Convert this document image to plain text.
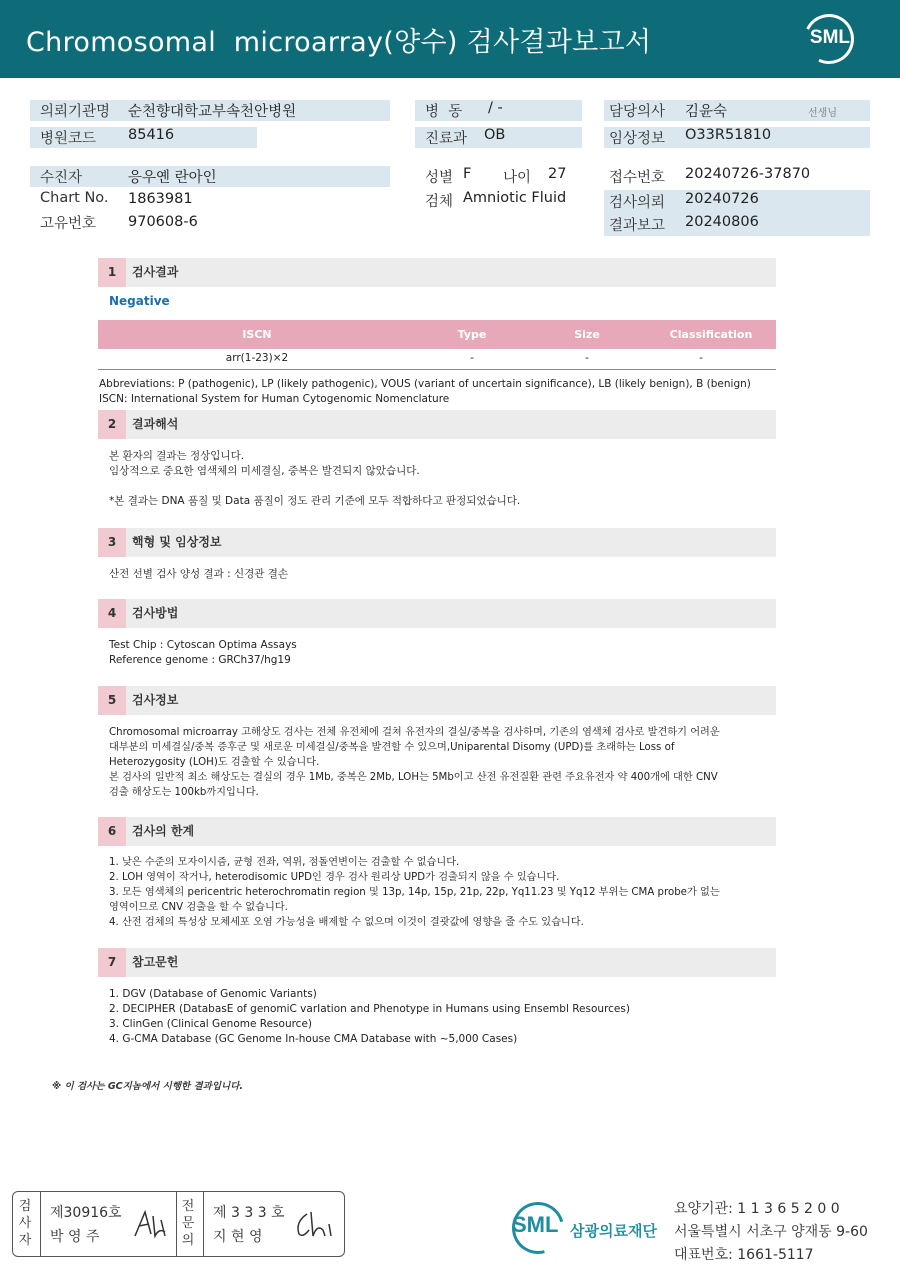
Chromosomal  microarray(양수) 검사결과보고서	SML
의뢰기관명 순천향대학교부속천안병원
병원코드 85416
병  동 / -
진료과 OB
담당의사 김윤숙	선생님
임상정보 O33R51810
수진자	응우옌 란아인
Chart No. 1863981
고유번호 970608-6
성별 F 나이 27
검체 Amniotic Fluid
접수번호 20240726-37870
검사의뢰 20240726
결과보고 20240806
1	검사결과
Negative
ISCN	Type	Size	Classification
arr(1-23)×2	-	-	-
Abbreviations: P (pathogenic), LP (likely pathogenic), VOUS (variant of uncertain significance), LB (likely benign), B (benign)
ISCN: International System for Human Cytogenomic Nomenclature
2	결과해석
본 환자의 결과는 정상입니다.
임상적으로 중요한 염색체의 미세결실, 중복은 발견되지 않았습니다.
*본 결과는 DNA 품질 및 Data 품질이 정도 관리 기준에 모두 적합하다고 판정되었습니다.
3	핵형 및 임상정보
산전 선별 검사 양성 결과 : 신경관 결손
4	검사방법
Test Chip : Cytoscan Optima Assays
Reference genome : GRCh37/hg19
5	검사정보
Chromosomal microarray 고해상도 검사는 전체 유전체에 걸쳐 유전자의 결실/중복을 검사하며, 기존의 염색체 검사로 발견하기 어려운
대부분의 미세결실/중복 증후군 및 새로운 미세결실/중복을 발견할 수 있으며,Uniparental Disomy (UPD)를 초래하는 Loss of
Heterozygosity (LOH)도 검출할 수 있습니다.
본 검사의 일반적 최소 해상도는 결실의 경우 1Mb, 중복은 2Mb, LOH는 5Mb이고 산전 유전질환 관련 주요유전자 약 400개에 대한 CNV
검출 해상도는 100kb까지입니다.
6	검사의 한계
1. 낮은 수준의 모자이시즘, 균형 전좌, 역위, 점돌연변이는 검출할 수 없습니다.
2. LOH 영역이 작거나, heterodisomic UPD인 경우 검사 원리상 UPD가 검출되지 않을 수 있습니다.
3. 모든 염색체의 pericentric heterochromatin region 및 13p, 14p, 15p, 21p, 22p, Yq11.23 및 Yq12 부위는 CMA probe가 없는
영역이므로 CNV 검출을 할 수 없습니다.
4. 산전 검체의 특성상 모체세포 오염 가능성을 배제할 수 없으며 이것이 결괏값에 영향을 줄 수도 있습니다.
7	참고문헌
1. DGV (Database of Genomic Variants)
2. DECIPHER (DatabasE of genomiC varIation and Phenotype in Humans using Ensembl Resources)
3. ClinGen (Clinical Genome Resource)
4. G-CMA Database (GC Genome In-house CMA Database with ~5,000 Cases)
※ 이 검사는 GC지놈에서 시행한 결과입니다.
검사자
제30916호
박 영 주
전문의
제 3 3 3 호
지 현 영	SML 삼광의료재단
요양기관: 1 1 3 6 5 2 0 0
서울특별시 서초구 양재동 9-60
대표번호: 1661-5117
